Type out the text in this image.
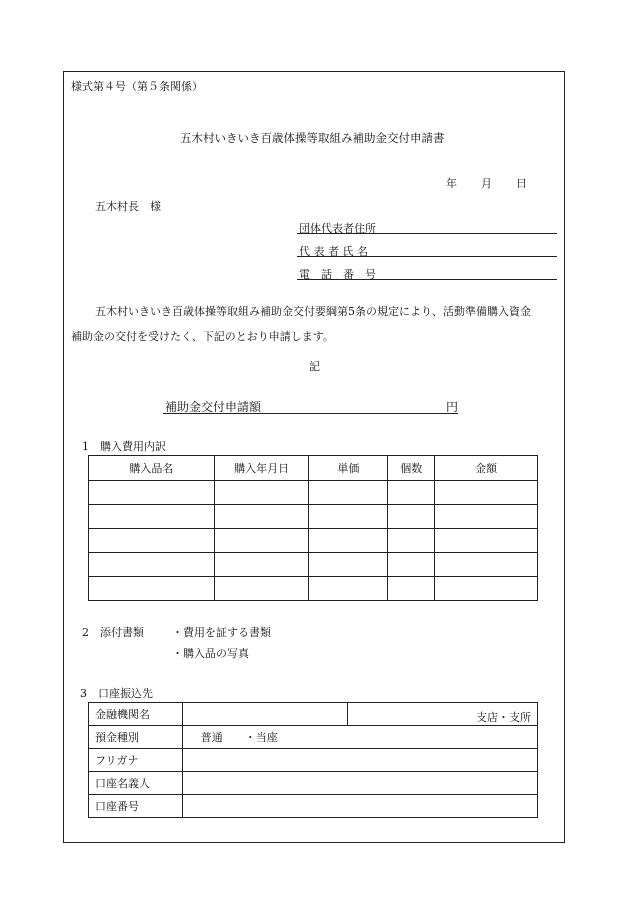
様式第４号（第５条関係）
五木村いきいき百歳体操等取組み補助金交付申請書
年 月 日
五木村長　様
団体代表者住所
代 表 者 氏 名
電　話　番　号
五木村いきいき百歳体操等取組み補助金交付要綱第5条の規定により、活動準備購入資金
補助金の交付を受けたく、下記のとおり申請します。
記
補助金交付申請額	円
1　購入費用内訳
購入品名	購入年月日	単価	個数	金額

2　添付書類	・費用を証する書類
・購入品の写真
3　口座振込先
金融機関名		支店・支所
預金種別	普通　　・当座	
フリガナ		
口座名義人		
口座番号		
